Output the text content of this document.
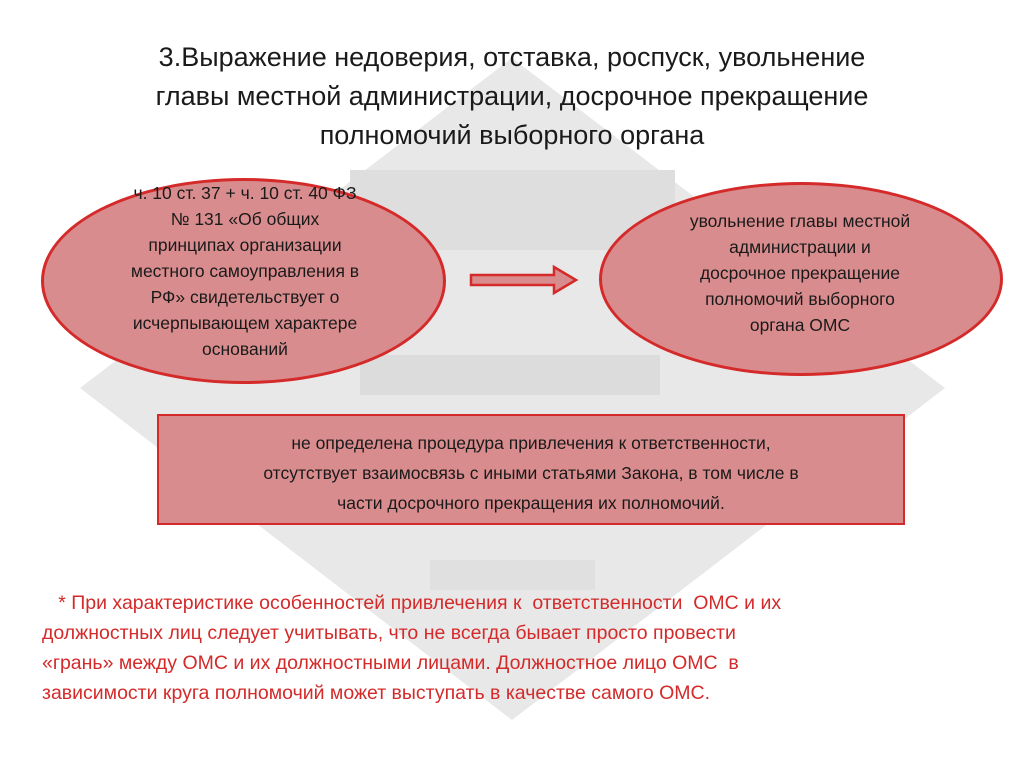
3.Выражение недоверия, отставка, роспуск, увольнение
главы местной администрации, досрочное прекращение
полномочий выборного органа
ч. 10 ст. 37 + ч. 10 ст. 40 ФЗ
№ 131 «Об общих
принципах организации
местного самоуправления в
РФ» свидетельствует о
исчерпывающем характере
оснований
увольнение главы местной
администрации и
досрочное прекращение
полномочий выборного
органа ОМС
не определена процедура привлечения к ответственности,
отсутствует взаимосвязь с иными статьями Закона, в том числе в
части досрочного прекращения их полномочий.
* При характеристике особенностей привлечения к  ответственности  ОМС и их
должностных лиц следует учитывать, что не всегда бывает просто провести
«грань» между ОМС и их должностными лицами. Должностное лицо ОМС  в
зависимости круга полномочий может выступать в качестве самого ОМС.
